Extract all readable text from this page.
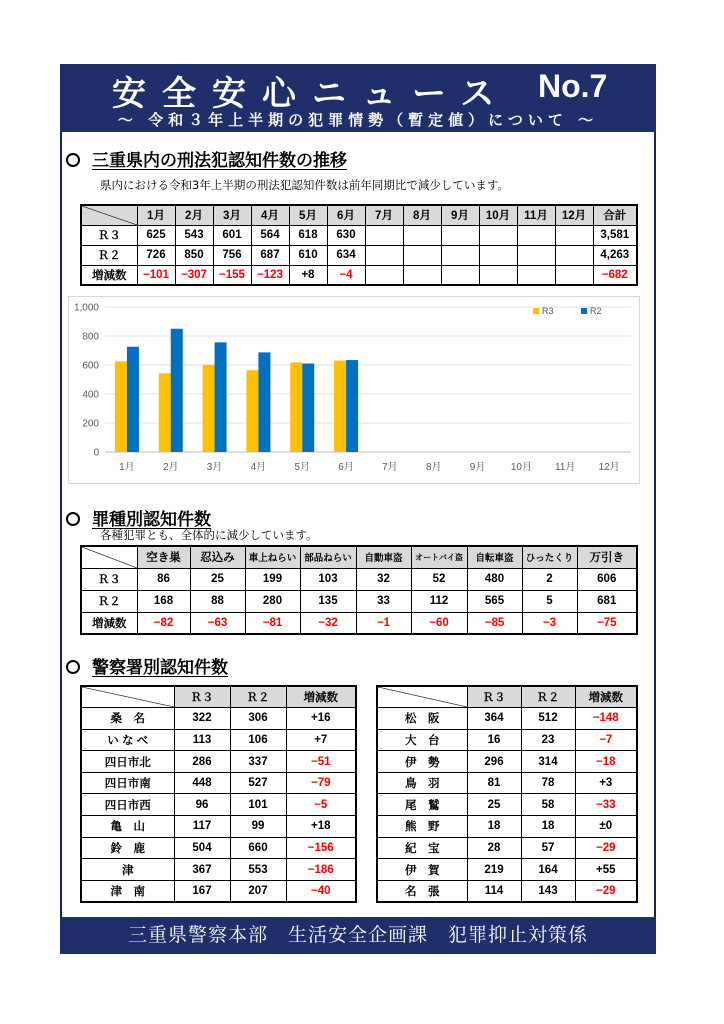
安全安心ニュース No.7
～ 令和３年上半期の犯罪情勢（暫定値）について ～
三重県内の刑法犯認知件数の推移
県内における令和3年上半期の刑法犯認知件数は前年同期比で減少しています。
	1月	2月	3月	4月	5月	6月	7月	8月	9月	10月	11月	12月	合計
Ｒ３	625	543	601	564	618	630							3,581
Ｒ２	726	850	756	687	610	634							4,263
増減数	−101	−307	−155	−123	+8	−4							−682
0
200
400
600
800
1,000
1月	2月	3月	4月	5月	6月	7月	8月	9月	10月 11月 12月
R3	R2
罪種別認知件数
各種犯罪とも、全体的に減少しています。
	空き巣	忍込み	車上ねらい	部品ねらい	自動車盗	オートバイ盗	自転車盗	ひったくり	万引き
Ｒ３	86	25	199	103	32	52	480	2	606
Ｒ２	168	88	280	135	33	112	565	5	681
増減数	−82	−63	−81	−32	−1	−60	−85	−3	−75
警察署別認知件数
	Ｒ３	Ｒ２	増減数
桑　名	322	306	+16
い な べ	113	106	+7
四日市北	286	337	−51
四日市南	448	527	−79
四日市西	96	101	−5
亀　山	117	99	+18
鈴　鹿	504	660	−156
津	367	553	−186
津　南	167	207	−40
	Ｒ３	Ｒ２	増減数
松　阪	364	512	−148
大　台	16	23	−7
伊　勢	296	314	−18
鳥　羽	81	78	+3
尾　鷲	25	58	−33
熊　野	18	18	±0
紀　宝	28	57	−29
伊　賀	219	164	+55
名　張	114	143	−29
三重県警察本部　生活安全企画課　犯罪抑止対策係
